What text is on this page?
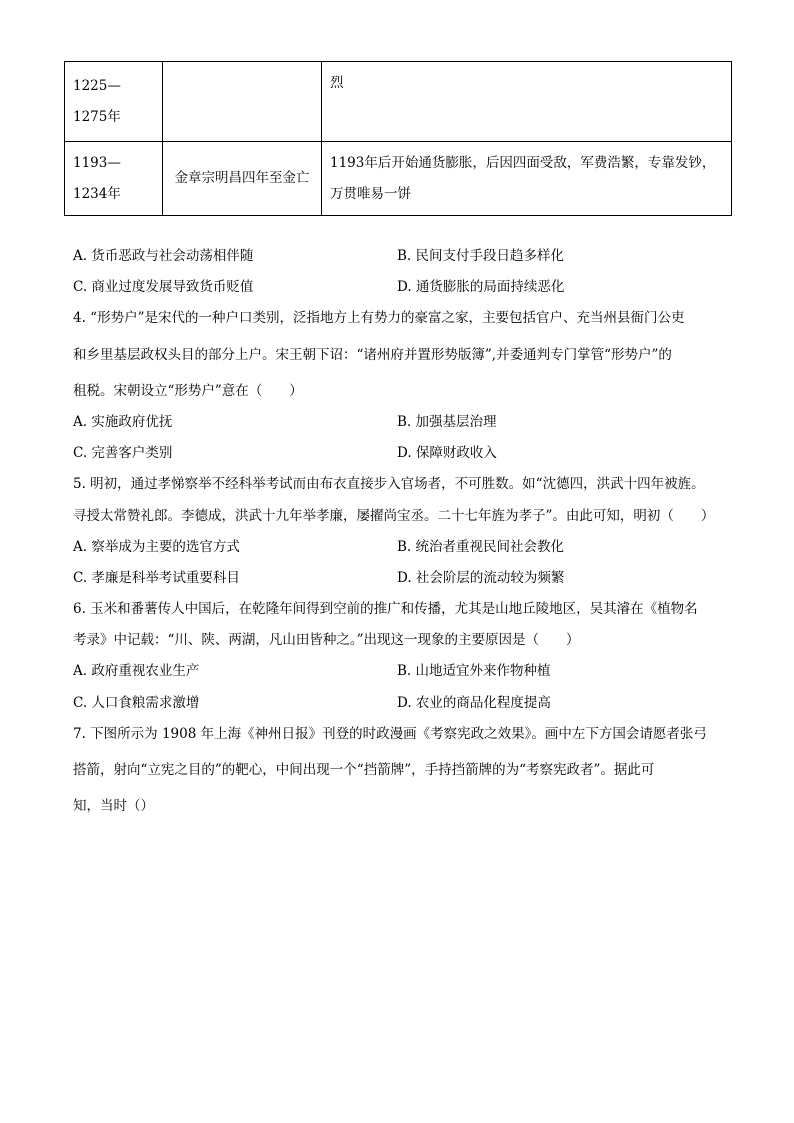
1225—1275年		烈
1193—1234年	金章宗明昌四年至金亡	1193年后开始通货膨胀，后因四面受敌，军费浩繁，专靠发钞，万贯唯易一饼
A. 货币恶政与社会动荡相伴随	B. 民间支付手段日趋多样化
C. 商业过度发展导致货币贬值	D. 通货膨胀的局面持续恶化
4. “形势户”是宋代的一种户口类别，泛指地方上有势力的豪富之家，主要包括官户、充当州县衙门公吏
和乡里基层政权头目的部分上户。宋王朝下诏：“诸州府并置形势版簿”,并委通判专门掌管“形势户”的
租税。宋朝设立“形势户”意在（　　）
A. 实施政府优抚	B. 加强基层治理
C. 完善客户类别	D. 保障财政收入
5. 明初，通过孝悌察举不经科举考试而由布衣直接步入官场者，不可胜数。如“沈德四，洪武十四年被旌。
寻授太常赞礼郎。李德成，洪武十九年举孝廉，屡擢尚宝丞。二十七年旌为孝子”。由此可知，明初（　　）
A. 察举成为主要的选官方式	B. 统治者重视民间社会教化
C. 孝廉是科举考试重要科目	D. 社会阶层的流动较为频繁
6. 玉米和番薯传人中国后，在乾隆年间得到空前的推广和传播，尤其是山地丘陵地区，吴其濬在《植物名
考录》中记载：“川、陕、两湖，凡山田皆种之。”出现这一现象的主要原因是（　　）
A. 政府重视农业生产	B. 山地适宜外来作物种植
C. 人口食粮需求激增	D. 农业的商品化程度提高
7. 下图所示为 1908 年上海《神州日报》刊登的时政漫画《考察宪政之效果》。画中左下方国会请愿者张弓
搭箭，射向“立宪之目的”的靶心，中间出现一个“挡箭牌”，手持挡箭牌的为“考察宪政者”。据此可
知，当时（）
